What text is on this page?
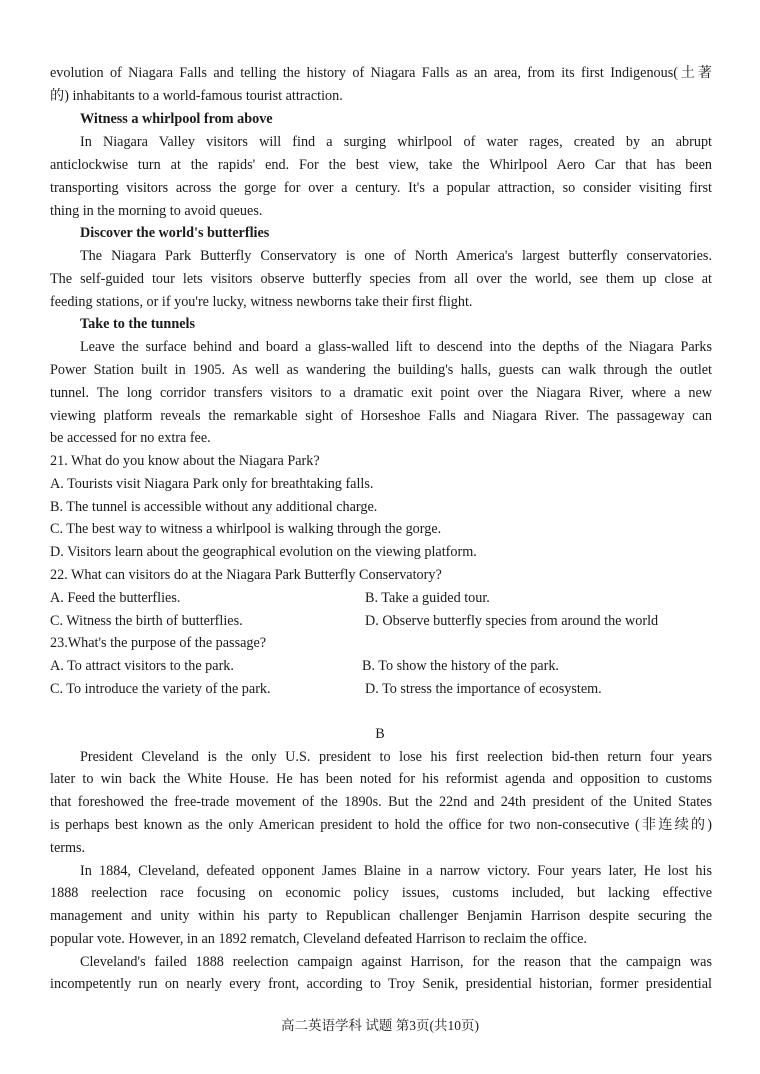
evolution of Niagara Falls and telling the history of Niagara Falls as an area, from its first Indigenous(土著
的) inhabitants to a world-famous tourist attraction.
Witness a whirlpool from above
In Niagara Valley visitors will find a surging whirlpool of water rages, created by an abrupt
anticlockwise turn at the rapids' end. For the best view, take the Whirlpool Aero Car that has been
transporting visitors across the gorge for over a century. It's a popular attraction, so consider visiting first
thing in the morning to avoid queues.
Discover the world's butterflies
The Niagara Park Butterfly Conservatory is one of North America's largest butterfly conservatories.
The self-guided tour lets visitors observe butterfly species from all over the world, see them up close at
feeding stations, or if you're lucky, witness newborns take their first flight.
Take to the tunnels
Leave the surface behind and board a glass-walled lift to descend into the depths of the Niagara Parks
Power Station built in 1905. As well as wandering the building's halls, guests can walk through the outlet
tunnel. The long corridor transfers visitors to a dramatic exit point over the Niagara River, where a new
viewing platform reveals the remarkable sight of Horseshoe Falls and Niagara River. The passageway can
be accessed for no extra fee.
21. What do you know about the Niagara Park?
A. Tourists visit Niagara Park only for breathtaking falls.
B. The tunnel is accessible without any additional charge.
C. The best way to witness a whirlpool is walking through the gorge.
D. Visitors learn about the geographical evolution on the viewing platform.
22. What can visitors do at the Niagara Park Butterfly Conservatory?
A. Feed the butterflies.	B. Take a guided tour.
C. Witness the birth of butterflies.	D. Observe butterfly species from around the world
23.What's the purpose of the passage?
A. To attract visitors to the park.	B. To show the history of the park.
C. To introduce the variety of the park.	D. To stress the importance of ecosystem.
B
President Cleveland is the only U.S. president to lose his first reelection bid-then return four years
later to win back the White House. He has been noted for his reformist agenda and opposition to customs
that foreshowed the free-trade movement of the 1890s. But the 22nd and 24th president of the United States
is perhaps best known as the only American president to hold the office for two non-consecutive (非连续的)
terms.
In 1884, Cleveland, defeated opponent James Blaine in a narrow victory. Four years later, He lost his
1888 reelection race focusing on economic policy issues, customs included, but lacking effective
management and unity within his party to Republican challenger Benjamin Harrison despite securing the
popular vote. However, in an 1892 rematch, Cleveland defeated Harrison to reclaim the office.
Cleveland's failed 1888 reelection campaign against Harrison, for the reason that the campaign was
incompetently run on nearly every front, according to Troy Senik, presidential historian, former presidential
高二英语学科 试题 第3页(共10页)
